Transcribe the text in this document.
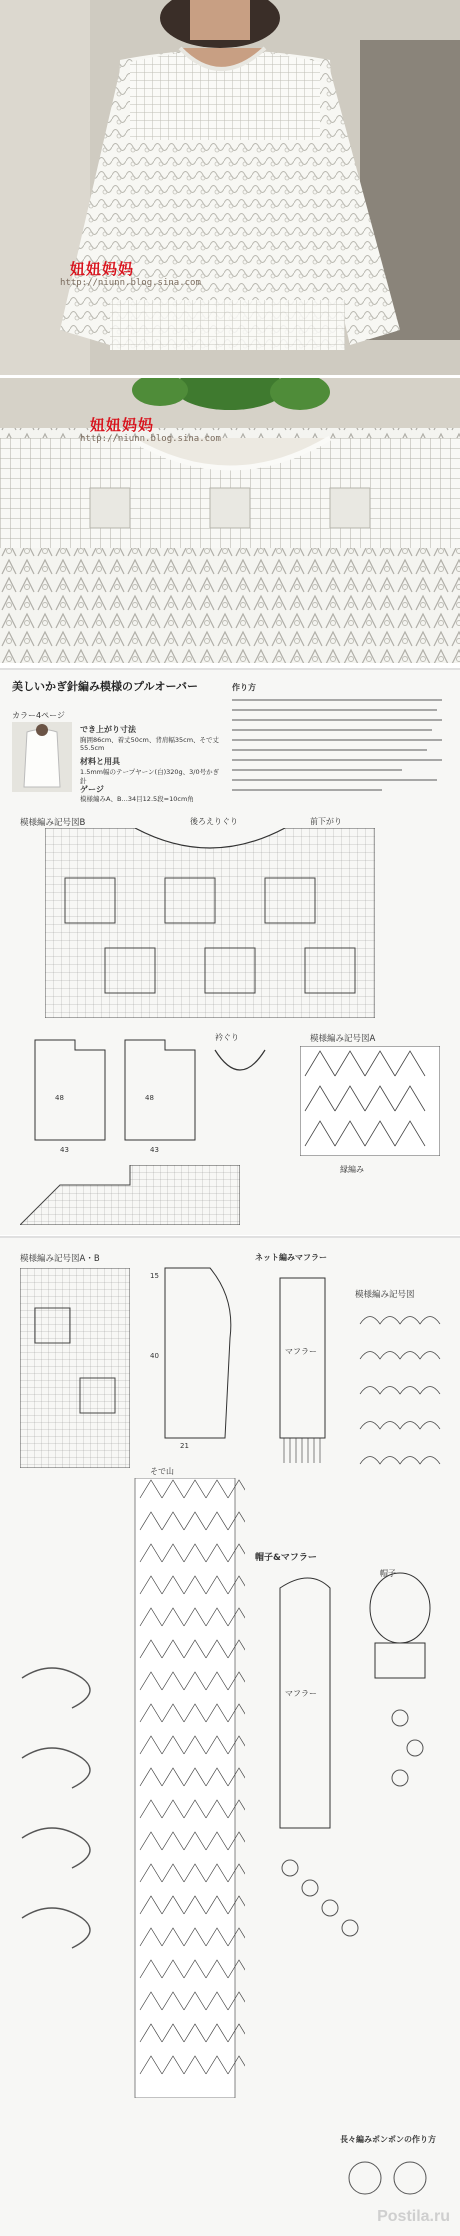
妞妞妈妈
http://niunn.blog.sina.com
妞妞妈妈
http://niunn.blog.sina.com
美しいかぎ針編み模様のプルオーバー
カラー4ページ
でき上がり寸法
胸囲86cm、着丈50cm、背肩幅35cm、そで丈55.5cm
材料と用具
1.5mm幅のテープヤーン(白)320g、3/0号かぎ針
ゲージ
模様編みA、B…34目12.5段=10cm角
作り方
模様編み記号図B	後ろえりぐり	前下がり
48	48
43	43
衿ぐり	模様編み記号図A
縁編み
模様編み記号図A・B
15
40
21
そで山
ネット編みマフラー
マフラー
模様編み記号図
帽子&マフラー
マフラー
帽子
長々編みポンポンの作り方
Postila.ru
